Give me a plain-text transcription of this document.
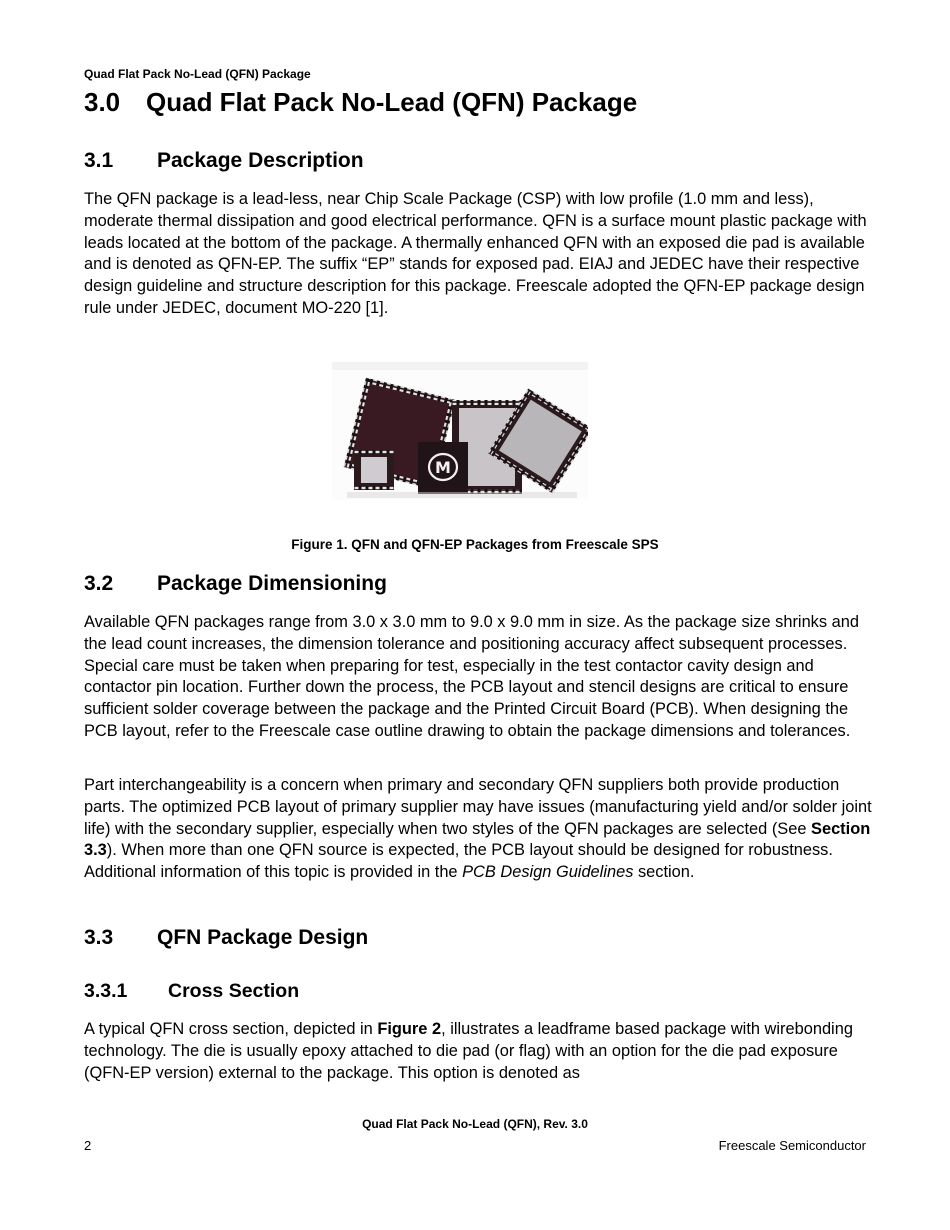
Quad Flat Pack No-Lead (QFN) Package
3.0 Quad Flat Pack No-Lead (QFN) Package
3.1 Package Description

The QFN package is a lead-less, near Chip Scale Package (CSP) with low profile (1.0 mm and less), moderate thermal dissipation and good electrical performance. QFN is a surface mount plastic package with leads located at the bottom of the package. A thermally enhanced QFN with an exposed die pad is available and is denoted as QFN-EP. The suffix “EP” stands for exposed pad. EIAJ and JEDEC have their respective design guideline and structure description for this package. Freescale adopted the QFN-EP package design rule under JEDEC, document MO-220 [1].

M
Figure 1. QFN and QFN-EP Packages from Freescale SPS
3.2 Package Dimensioning

Available QFN packages range from 3.0 x 3.0 mm to 9.0 x 9.0 mm in size. As the package size shrinks and the lead count increases, the dimension tolerance and positioning accuracy affect subsequent processes. Special care must be taken when preparing for test, especially in the test contactor cavity design and contactor pin location. Further down the process, the PCB layout and stencil designs are critical to ensure sufficient solder coverage between the package and the Printed Circuit Board (PCB). When designing the PCB layout, refer to the Freescale case outline drawing to obtain the package dimensions and tolerances.

Part interchangeability is a concern when primary and secondary QFN suppliers both provide production parts. The optimized PCB layout of primary supplier may have issues (manufacturing yield and/or solder joint life) with the secondary supplier, especially when two styles of the QFN packages are selected (See Section 3.3). When more than one QFN source is expected, the PCB layout should be designed for robustness. Additional information of this topic is provided in the PCB Design Guidelines section.

3.3 QFN Package Design
3.3.1 Cross Section

A typical QFN cross section, depicted in Figure 2, illustrates a leadframe based package with wirebonding technology. The die is usually epoxy attached to die pad (or flag) with an option for the die pad exposure (QFN-EP version) external to the package. This option is denoted as

Quad Flat Pack No-Lead (QFN), Rev. 3.0
2	Freescale Semiconductor
